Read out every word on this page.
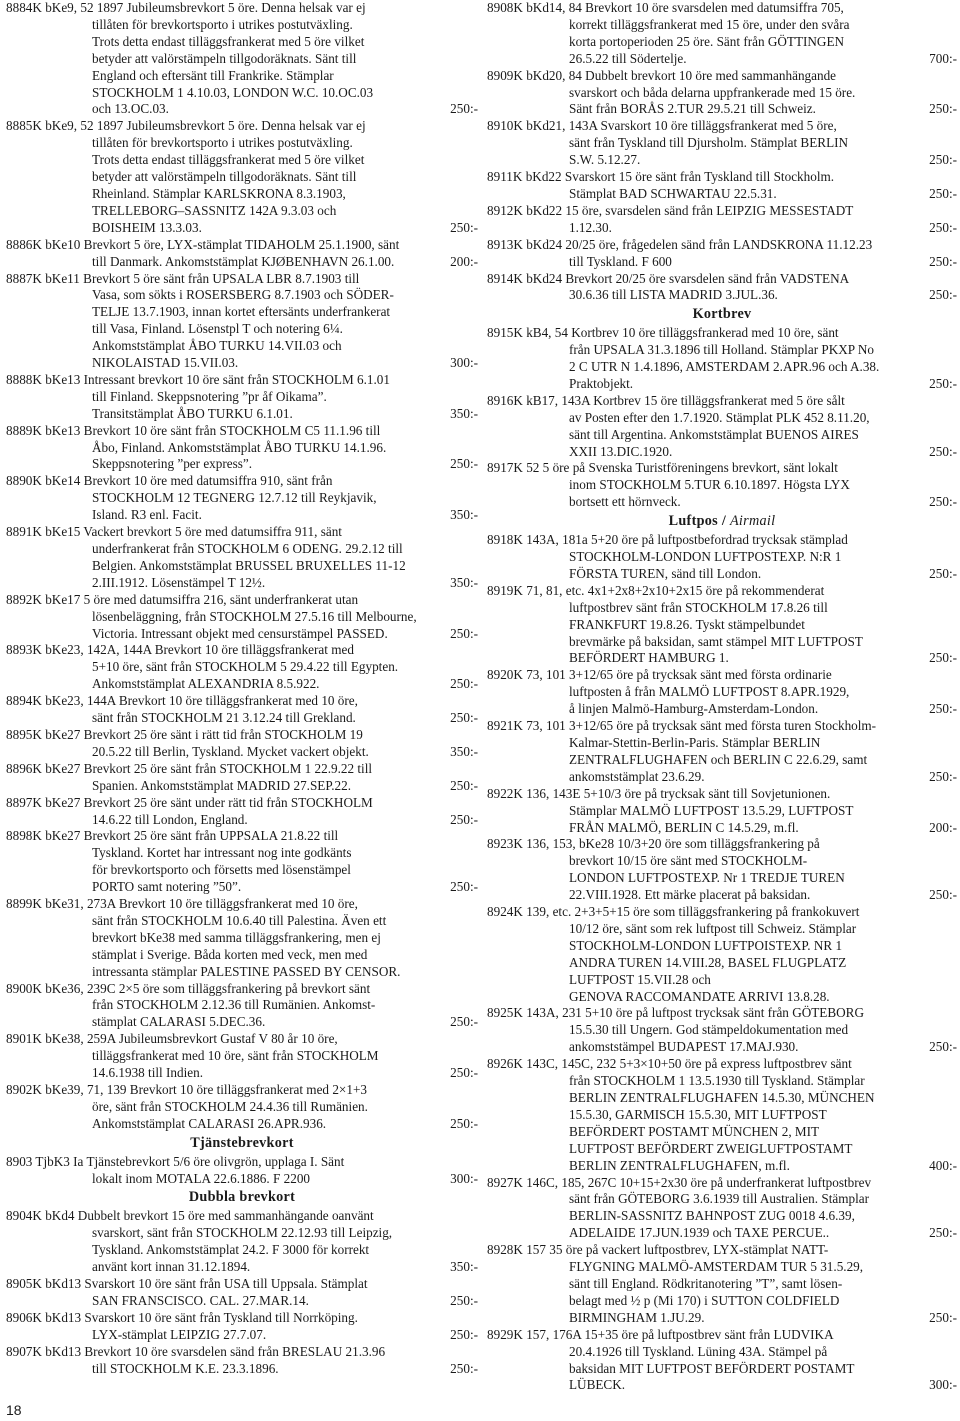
8884K bKe9, 52 1897 Jubileumsbrevkort 5 öre. Denna helsak var ej
tillåten för brevkortsporto i utrikes postutväxling.
Trots detta endast tilläggsfrankerat med 5 öre vilket
betyder att valörstämpeln tillgodoräknats. Sänt till
England och eftersänt till Frankrike. Stämplar
STOCKHOLM 1 4.10.03, LONDON W.C. 10.OC.03
och 13.OC.03.	250:-
8885K bKe9, 52 1897 Jubileumsbrevkort 5 öre. Denna helsak var ej
tillåten för brevkortsporto i utrikes postutväxling.
Trots detta endast tilläggsfrankerat med 5 öre vilket
betyder att valörstämpeln tillgodoräknats. Sänt till
Rheinland. Stämplar KARLSKRONA 8.3.1903,
TRELLEBORG–SASSNITZ 142A 9.3.03 och
BOISHEIM 13.3.03.	250:-
8886K bKe10 Brevkort 5 öre, LYX-stämplat TIDAHOLM 25.1.1900, sänt
till Danmark. Ankomststämplat KJØBENHAVN 26.1.00.	200:-
8887K bKe11 Brevkort 5 öre sänt från UPSALA LBR 8.7.1903 till
Vasa, som sökts i ROSERSBERG 8.7.1903 och SÖDER-
TELJE 13.7.1903, innan kortet eftersänts underfrankerat
till Vasa, Finland. Lösenstpl T och notering 6¼.
Ankomststämplat ÅBO TURKU 14.VII.03 och
NIKOLAISTAD 15.VII.03.	300:-
8888K bKe13 Intressant brevkort 10 öre sänt från STOCKHOLM 6.1.01
till Finland. Skeppsnotering ”pr åf Oikama”.
Transitstämplat ÅBO TURKU 6.1.01.	350:-
8889K bKe13 Brevkort 10 öre sänt från STOCKHOLM C5 11.1.96 till
Åbo, Finland. Ankomststämplat ÅBO TURKU 14.1.96.
Skeppsnotering ”per express”.	250:-
8890K bKe14 Brevkort 10 öre med datumsiffra 910, sänt från
STOCKHOLM 12 TEGNERG 12.7.12 till Reykjavik,
Island. R3 enl. Facit.	350:-
8891K bKe15 Vackert brevkort 5 öre med datumsiffra 911, sänt
underfrankerat från STOCKHOLM 6 ODENG. 29.2.12 till
Belgien. Ankomststämplat BRUSSEL BRUXELLES 11-12
2.III.1912. Lösenstämpel T 12½.	350:-
8892K bKe17 5 öre med datumsiffra 216, sänt underfrankerat utan
lösenbeläggning, från STOCKHOLM 27.5.16 till Melbourne,
Victoria. Intressant objekt med censurstämpel PASSED.	250:-
8893K bKe23, 142A, 144A Brevkort 10 öre tilläggsfrankerat med
5+10 öre, sänt från STOCKHOLM 5 29.4.22 till Egypten.
Ankomststämplat ALEXANDRIA 8.5.922.	250:-
8894K bKe23, 144A Brevkort 10 öre tilläggsfrankerat med 10 öre,
sänt från STOCKHOLM 21 3.12.24 till Grekland.	250:-
8895K bKe27 Brevkort 25 öre sänt i rätt tid från STOCKHOLM 19
20.5.22 till Berlin, Tyskland. Mycket vackert objekt.	350:-
8896K bKe27 Brevkort 25 öre sänt från STOCKHOLM 1 22.9.22 till
Spanien. Ankomststämplat MADRID 27.SEP.22.	250:-
8897K bKe27 Brevkort 25 öre sänt under rätt tid från STOCKHOLM
14.6.22 till London, England.	250:-
8898K bKe27 Brevkort 25 öre sänt från UPPSALA 21.8.22 till
Tyskland. Kortet har intressant nog inte godkänts
för brevkortsporto och försetts med lösenstämpel
PORTO samt notering ”50”.	250:-
8899K bKe31, 273A Brevkort 10 öre tilläggsfrankerat med 10 öre,
sänt från STOCKHOLM 10.6.40 till Palestina. Även ett
brevkort bKe38 med samma tilläggsfrankering, men ej
stämplat i Sverige. Båda korten med veck, men med
intressanta stämplar PALESTINE PASSED BY CENSOR.
8900K bKe36, 239C 2×5 öre som tilläggsfrankering på brevkort sänt
från STOCKHOLM 2.12.36 till Rumänien. Ankomst-
stämplat CALARASI 5.DEC.36.	250:-
8901K bKe38, 259A Jubileumsbrevkort Gustaf V 80 år 10 öre,
tilläggsfrankerat med 10 öre, sänt från STOCKHOLM
14.6.1938 till Indien.	250:-
8902K bKe39, 71, 139 Brevkort 10 öre tilläggsfrankerat med 2×1+3
öre, sänt från STOCKHOLM 24.4.36 till Rumänien.
Ankomststämplat CALARASI 26.APR.936.	250:-
Tjänstebrevkort
8903 TjbK3 Ia Tjänstebrevkort 5/6 öre olivgrön, upplaga I. Sänt
lokalt inom MOTALA 22.6.1886. F 2200	300:-
Dubbla brevkort
8904K bKd4 Dubbelt brevkort 15 öre med sammanhängande oanvänt
svarskort, sänt från STOCKHOLM 22.12.93 till Leipzig,
Tyskland. Ankomststämplat 24.2. F 3000 för korrekt
använt kort innan 31.12.1894.	350:-
8905K bKd13 Svarskort 10 öre sänt från USA till Uppsala. Stämplat
SAN FRANSCISCO. CAL. 27.MAR.14.	250:-
8906K bKd13 Svarskort 10 öre sänt från Tyskland till Norrköping.
LYX-stämplat LEIPZIG 27.7.07.	250:-
8907K bKd13 Brevkort 10 öre svarsdelen sänd från BRESLAU 21.3.96
till STOCKHOLM K.E. 23.3.1896.	250:-
8908K bKd14, 84 Brevkort 10 öre svarsdelen med datumsiffra 705,
korrekt tilläggsfrankerat med 15 öre, under den svåra
korta portoperioden 25 öre. Sänt från GÖTTINGEN
26.5.22 till Södertelje.	700:-
8909K bKd20, 84 Dubbelt brevkort 10 öre med sammanhängande
svarskort och båda delarna uppfrankerade med 15 öre.
Sänt från BORÅS 2.TUR 29.5.21 till Schweiz.	250:-
8910K bKd21, 143A Svarskort 10 öre tilläggsfrankerat med 5 öre,
sänt från Tyskland till Djursholm. Stämplat BERLIN
S.W. 5.12.27.	250:-
8911K bKd22 Svarskort 15 öre sänt från Tyskland till Stockholm.
Stämplat BAD SCHWARTAU 22.5.31.	250:-
8912K bKd22 15 öre, svarsdelen sänd från LEIPZIG MESSESTADT
1.12.30.	250:-
8913K bKd24 20/25 öre, frågedelen sänd från LANDSKRONA 11.12.23
till Tyskland. F 600	250:-
8914K bKd24 Brevkort 20/25 öre svarsdelen sänd från VADSTENA
30.6.36 till LISTA MADRID 3.JUL.36.	250:-
Kortbrev
8915K kB4, 54 Kortbrev 10 öre tilläggsfrankerad med 10 öre, sänt
från UPSALA 31.3.1896 till Holland. Stämplar PKXP No
2 C UTR N 1.4.1896, AMSTERDAM 2.APR.96 och A.38.
Praktobjekt.	250:-
8916K kB17, 143A Kortbrev 15 öre tilläggsfrankerat med 5 öre sålt
av Posten efter den 1.7.1920. Stämplat PLK 452 8.11.20,
sänt till Argentina. Ankomststämplat BUENOS AIRES
XXII 13.DIC.1920.	250:-
8917K 52 5 öre på Svenska Turistföreningens brevkort, sänt lokalt
inom STOCKHOLM 5.TUR 6.10.1897. Högsta LYX
bortsett ett hörnveck.	250:-
Luftpos / Airmail
8918K 143A, 181a 5+20 öre på luftpostbefordrad trycksak stämplad
STOCKHOLM-LONDON LUFTPOSTEXP. N:R 1
FÖRSTA TUREN, sänd till London.	250:-
8919K 71, 81, etc. 4x1+2x8+2x10+2x15 öre på rekommenderat
luftpostbrev sänt från STOCKHOLM 17.8.26 till
FRANKFURT 19.8.26. Tyskt stämpelbundet
brevmärke på baksidan, samt stämpel MIT LUFTPOST
BEFÖRDERT HAMBURG 1.	250:-
8920K 73, 101 3+12/65 öre på trycksak sänt med första ordinarie
luftposten å från MALMÖ LUFTPOST 8.APR.1929,
å linjen Malmö-Hamburg-Amsterdam-London.	250:-
8921K 73, 101 3+12/65 öre på trycksak sänt med första turen Stockholm-
Kalmar-Stettin-Berlin-Paris. Stämplar BERLIN
ZENTRALFLUGHAFEN och BERLIN C 22.6.29, samt
ankomststämplat 23.6.29.	250:-
8922K 136, 143E 5+10/3 öre på trycksak sänt till Sovjetunionen.
Stämplar MALMÖ LUFTPOST 13.5.29, LUFTPOST
FRÅN MALMÖ, BERLIN C 14.5.29, m.fl.	200:-
8923K 136, 153, bKe28 10/3+20 öre som tilläggsfrankering på
brevkort 10/15 öre sänt med STOCKHOLM-
LONDON LUFTPOSTEXP. Nr 1 TREDJE TUREN
22.VIII.1928. Ett märke placerat på baksidan.	250:-
8924K 139, etc. 2+3+5+15 öre som tilläggsfrankering på frankokuvert
10/12 öre, sänt som rek luftpost till Schweiz. Stämplar
STOCKHOLM-LONDON LUFTPOISTEXP. NR 1
ANDRA TUREN 14.VIII.28, BASEL FLUGPLATZ
LUFTPOST 15.VII.28 och
GENOVA RACCOMANDATE ARRIVI 13.8.28.
8925K 143A, 231 5+10 öre på luftpost trycksak sänt från GÖTEBORG
15.5.30 till Ungern. God stämpeldokumentation med
ankomststämpel BUDAPEST 17.MAJ.930.	250:-
8926K 143C, 145C, 232 5+3×10+50 öre på express luftpostbrev sänt
från STOCKHOLM 1 13.5.1930 till Tyskland. Stämplar
BERLIN ZENTRALFLUGHAFEN 14.5.30, MÜNCHEN
15.5.30, GARMISCH 15.5.30, MIT LUFTPOST
BEFÖRDERT POSTAMT MÜNCHEN 2, MIT
LUFTPOST BEFÖRDERT ZWEIGLUFTPOSTAMT
BERLIN ZENTRALFLUGHAFEN, m.fl.	400:-
8927K 146C, 185, 267C 10+15+2x30 öre på underfrankerat luftpostbrev
sänt från GÖTEBORG 3.6.1939 till Australien. Stämplar
BERLIN-SASSNITZ BAHNPOST ZUG 0018 4.6.39,
ADELAIDE 17.JUN.1939 och TAXE PERCUE..	250:-
8928K 157 35 öre på vackert luftpostbrev, LYX-stämplat NATT-
FLYGNING MALMÖ-AMSTERDAM TUR 5 31.5.29,
sänt till England. Rödkritanotering ”T”, samt lösen-
belagt med ½ p (Mi 170) i SUTTON COLDFIELD
BIRMINGHAM 1.JU.29.	250:-
8929K 157, 176A 15+35 öre på luftpostbrev sänt från LUDVIKA
20.4.1926 till Tyskland. Lüning 43A. Stämpel på
baksidan MIT LUFTPOST BEFÖRDERT POSTAMT
LÜBECK.	300:-
18
